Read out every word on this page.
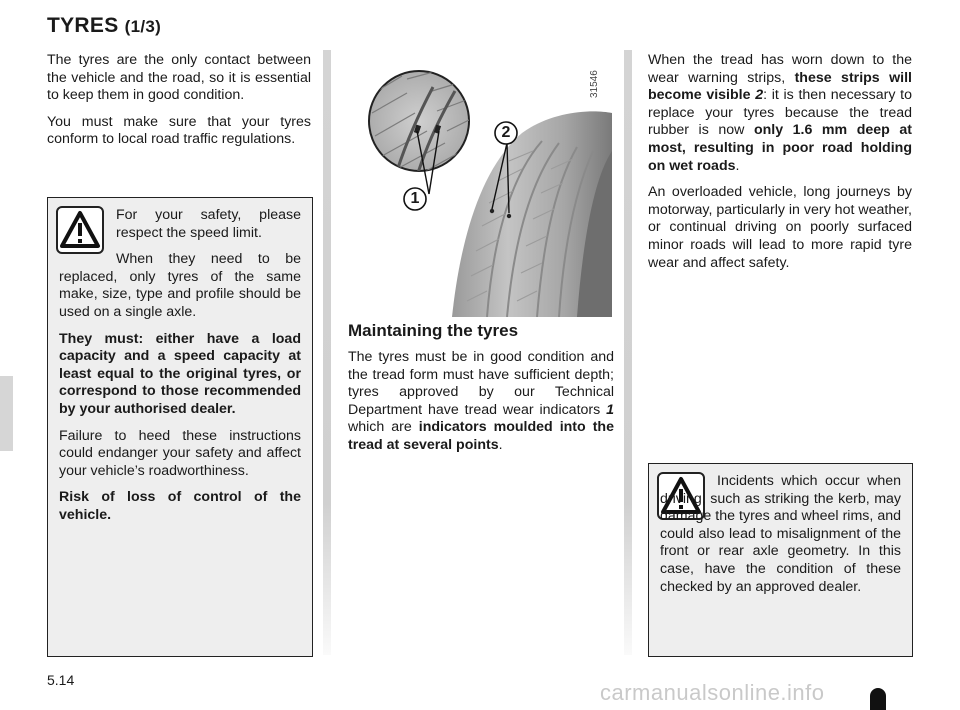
TYRES (1/3)

The tyres are the only contact between the vehicle and the road, so it is essential to keep them in good condition.

You must make sure that your tyres conform to local road traffic regulations.

For your safety, please respect the speed limit.

When they need to be replaced, only tyres of the same make, size, type and profile should be used on a single axle.

They must: either have a load capacity and a speed capacity at least equal to the original tyres, or correspond to those recommended by your authorised dealer.

Failure to heed these instructions could endanger your safety and affect your vehicle’s roadworthiness.

Risk of loss of control of the vehicle.

1
2
31546
Maintaining the tyres

The tyres must be in good condition and the tread form must have sufficient depth; tyres approved by our Technical Department have tread wear indicators 1 which are indicators moulded into the tread at several points.

When the tread has worn down to the wear warning strips, these strips will become visible 2: it is then necessary to replace your tyres because the tread rubber is now only 1.6 mm deep at most, resulting in poor road holding on wet roads.

An overloaded vehicle, long journeys by motorway, particularly in very hot weather, or continual driving on poorly surfaced minor roads will lead to more rapid tyre wear and affect safety.

Incidents which occur when driving, such as striking the kerb, may damage the tyres and wheel rims, and could also lead to misalignment of the front or rear axle geometry. In this case, have the condition of these checked by an approved dealer.

5.14	carmanualsonline.info
